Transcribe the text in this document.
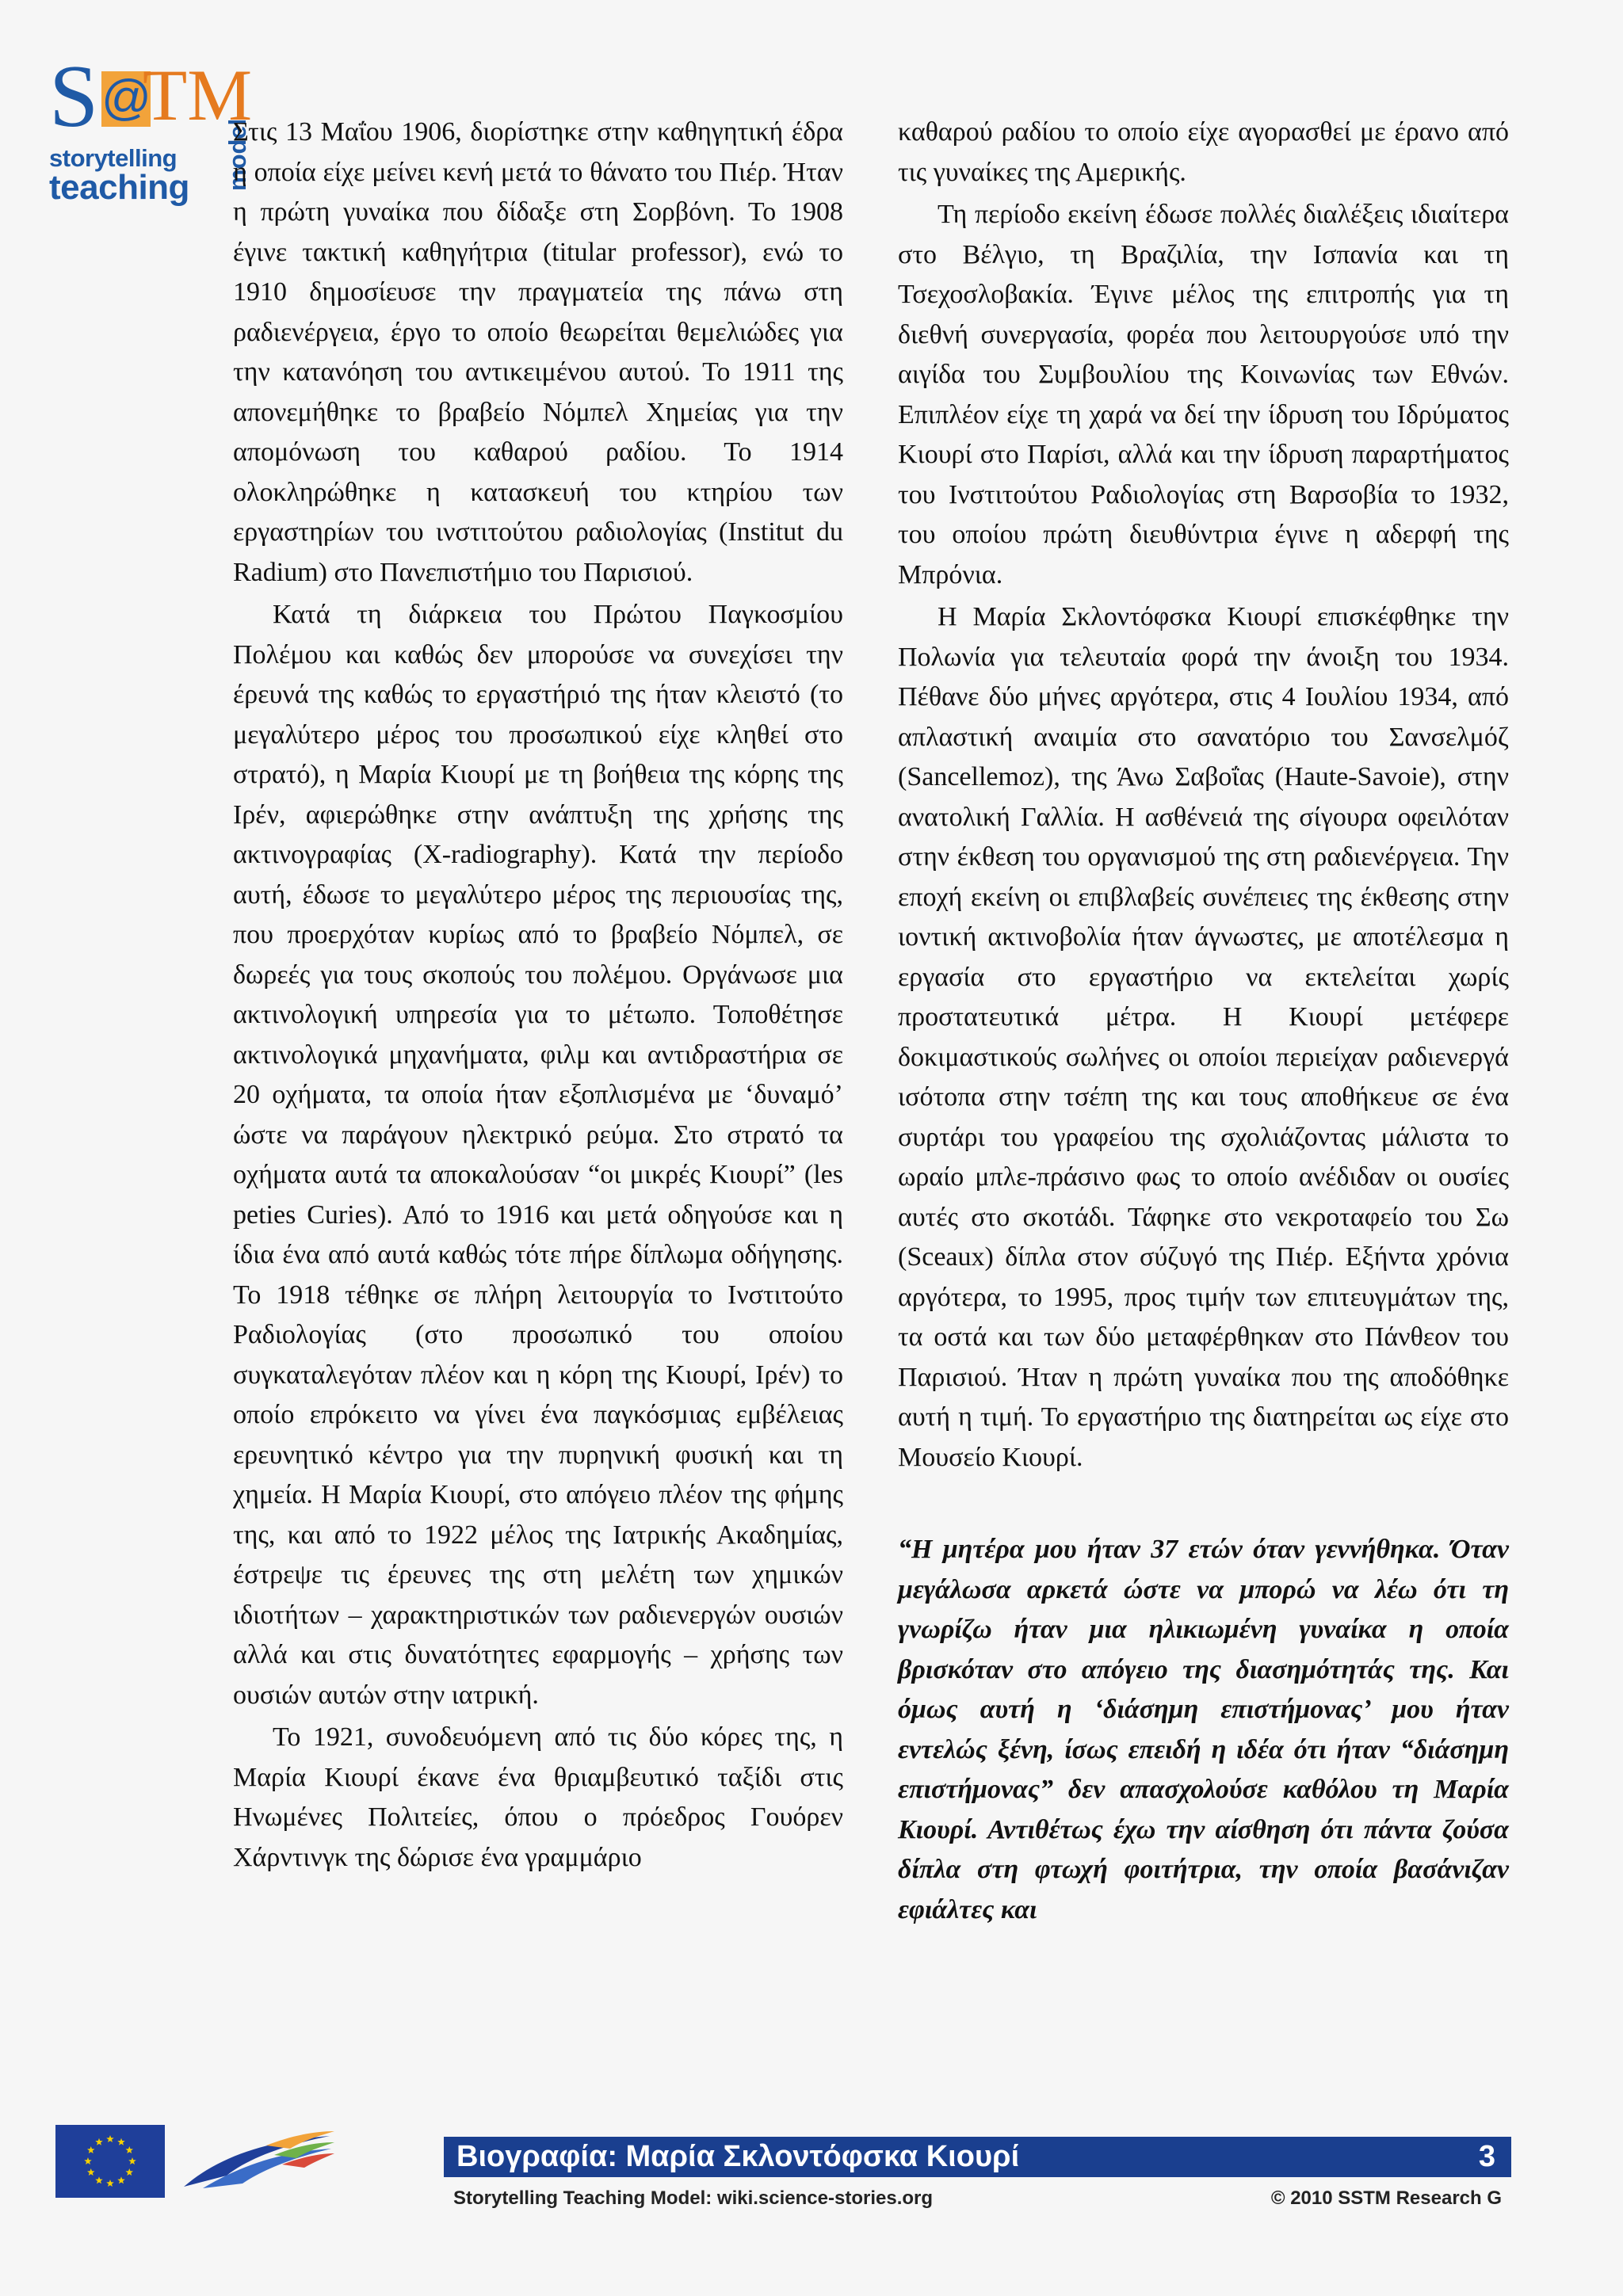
S @
TM
storytelling
teaching model

Στις 13 Μαΐου 1906, διορίστηκε στην καθηγητική έδρα η οποία είχε μείνει κενή μετά το θάνατο του Πιέρ. Ήταν η πρώτη γυναίκα που δίδαξε στη Σορβόνη. Το 1908 έγινε τακτική καθηγήτρια (titular professor), ενώ το 1910 δημοσίευσε την πραγματεία της πάνω στη ραδιενέργεια, έργο το οποίο θεωρείται θεμελιώδες για την κατανόηση του αντικειμένου αυτού. Το 1911 της απονεμήθηκε το βραβείο Νόμπελ Χημείας για την απομόνωση του καθαρού ραδίου. Το 1914 ολοκληρώθηκε η κατασκευή του κτηρίου των εργαστηρίων του ινστιτούτου ραδιολογίας (Institut du Radium) στο Πανεπιστήμιο του Παρισιού.

Κατά τη διάρκεια του Πρώτου Παγκοσμίου Πολέμου και καθώς δεν μπορούσε να συνεχίσει την έρευνά της καθώς το εργαστήριό της ήταν κλειστό (το μεγαλύτερο μέρος του προσωπικού είχε κληθεί στο στρατό), η Μαρία Κιουρί με τη βοήθεια της κόρης της Ιρέν, αφιερώθηκε στην ανάπτυξη της χρήσης της ακτινογραφίας (X-radiography). Κατά την περίοδο αυτή, έδωσε το μεγαλύτερο μέρος της περιουσίας της, που προερχόταν κυρίως από το βραβείο Νόμπελ, σε δωρεές για τους σκοπούς του πολέμου. Οργάνωσε μια ακτινολογική υπηρεσία για το μέτωπο. Τοποθέτησε ακτινολογικά μηχανήματα, φιλμ και αντιδραστήρια σε 20 οχήματα, τα οποία ήταν εξοπλισμένα με ‘δυναμό’ ώστε να παράγουν ηλεκτρικό ρεύμα. Στο στρατό τα οχήματα αυτά τα αποκαλούσαν “οι μικρές Κιουρί” (les peties Curies). Από το 1916 και μετά οδηγούσε και η ίδια ένα από αυτά καθώς τότε πήρε δίπλωμα οδήγησης. Το 1918 τέθηκε σε πλήρη λειτουργία το Ινστιτούτο Ραδιολογίας (στο προσωπικό του οποίου συγκαταλεγόταν πλέον και η κόρη της Κιουρί, Ιρέν) το οποίο επρόκειτο να γίνει ένα παγκόσμιας εμβέλειας ερευνητικό κέντρο για την πυρηνική φυσική και τη χημεία. Η Μαρία Κιουρί, στο απόγειο πλέον της φήμης της, και από το 1922 μέλος της Ιατρικής Ακαδημίας, έστρεψε τις έρευνες της στη μελέτη των χημικών ιδιοτήτων – χαρακτηριστικών των ραδιενεργών ουσιών αλλά και στις δυνατότητες εφαρμογής – χρήσης των ουσιών αυτών στην ιατρική.

Το 1921, συνοδευόμενη από τις δύο κόρες της, η Μαρία Κιουρί έκανε ένα θριαμβευτικό ταξίδι στις Ηνωμένες Πολιτείες, όπου ο πρόεδρος Γουόρεν Χάρντινγκ της δώρισε ένα γραμμάριο

καθαρού ραδίου το οποίο είχε αγορασθεί με έρανο από τις γυναίκες της Αμερικής.

Τη περίοδο εκείνη έδωσε πολλές διαλέξεις ιδιαίτερα στο Βέλγιο, τη Βραζιλία, την Ισπανία και τη Τσεχοσλοβακία. Έγινε μέλος της επιτροπής για τη διεθνή συνεργασία, φορέα που λειτουργούσε υπό την αιγίδα του Συμβουλίου της Κοινωνίας των Εθνών. Επιπλέον είχε τη χαρά να δεί την ίδρυση του Ιδρύματος Κιουρί στο Παρίσι, αλλά και την ίδρυση παραρτήματος του Ινστιτούτου Ραδιολογίας στη Βαρσοβία το 1932, του οποίου πρώτη διευθύντρια έγινε η αδερφή της Μπρόνια.

Η Μαρία Σκλοντόφσκα Κιουρί επισκέφθηκε την Πολωνία για τελευταία φορά την άνοιξη του 1934. Πέθανε δύο μήνες αργότερα, στις 4 Ιουλίου 1934, από απλαστική αναιμία στο σανατόριο του Σανσελμόζ (Sancellemoz), της Άνω Σαβοΐας (Haute-Savoie), στην ανατολική Γαλλία. Η ασθένειά της σίγουρα οφειλόταν στην έκθεση του οργανισμού της στη ραδιενέργεια. Την εποχή εκείνη οι επιβλαβείς συνέπειες της έκθεσης στην ιοντική ακτινοβολία ήταν άγνωστες, με αποτέλεσμα η εργασία στο εργαστήριο να εκτελείται χωρίς προστατευτικά μέτρα. Η Κιουρί μετέφερε δοκιμαστικούς σωλήνες οι οποίοι περιείχαν ραδιενεργά ισότοπα στην τσέπη της και τους αποθήκευε σε ένα συρτάρι του γραφείου της σχολιάζοντας μάλιστα το ωραίο μπλε-πράσινο φως το οποίο ανέδιδαν οι ουσίες αυτές στο σκοτάδι. Τάφηκε στο νεκροταφείο του Σω (Sceaux) δίπλα στον σύζυγό της Πιέρ. Εξήντα χρόνια αργότερα, το 1995, προς τιμήν των επιτευγμάτων της, τα οστά και των δύο μεταφέρθηκαν στο Πάνθεον του Παρισιού. Ήταν η πρώτη γυναίκα που της αποδόθηκε αυτή η τιμή. Το εργαστήριο της διατηρείται ως είχε στο Μουσείο Κιουρί.

“Η μητέρα μου ήταν 37 ετών όταν γεννήθηκα. Όταν μεγάλωσα αρκετά ώστε να μπορώ να λέω ότι τη γνωρίζω ήταν μια ηλικιωμένη γυναίκα η οποία βρισκόταν στο απόγειο της διασημότητάς της. Και όμως αυτή η ‘διάσημη επιστήμονας’ μου ήταν εντελώς ξένη, ίσως επειδή η ιδέα ότι ήταν “διάσημη επιστήμονας” δεν απασχολούσε καθόλου τη Μαρία Κιουρί. Αντιθέτως έχω την αίσθηση ότι πάντα ζούσα δίπλα στη φτωχή φοιτήτρια, την οποία βασάνιζαν εφιάλτες και

Βιογραφία: Μαρία Σκλοντόφσκα Κιουρί	3
Storytelling Teaching Model: wiki.science-stories.org	© 2010 SSTM Research G
